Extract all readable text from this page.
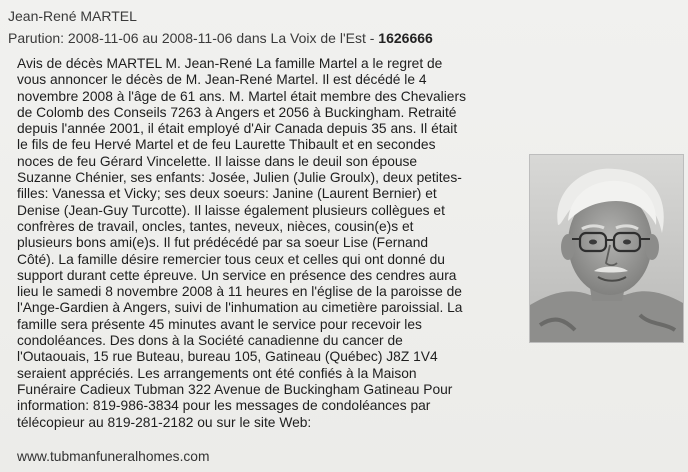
Jean-René MARTEL
Parution: 2008-11-06 au 2008-11-06 dans La Voix de l'Est - 1626666
Avis de décès MARTEL M. Jean-René La famille Martel a le regret de
vous annoncer le décès de M. Jean-René Martel. Il est décédé le 4
novembre 2008 à l'âge de 61 ans. M. Martel était membre des Chevaliers
de Colomb des Conseils 7263 à Angers et 2056 à Buckingham. Retraité
depuis l'année 2001, il était employé d'Air Canada depuis 35 ans. Il était
le fils de feu Hervé Martel et de feu Laurette Thibault et en secondes
noces de feu Gérard Vincelette. Il laisse dans le deuil son épouse
Suzanne Chénier, ses enfants: Josée, Julien (Julie Groulx), deux petites-
filles: Vanessa et Vicky; ses deux soeurs: Janine (Laurent Bernier) et
Denise (Jean-Guy Turcotte). Il laisse également plusieurs collègues et
confrères de travail, oncles, tantes, neveux, nièces, cousin(e)s et
plusieurs bons ami(e)s. Il fut prédécédé par sa soeur Lise (Fernand
Côté). La famille désire remercier tous ceux et celles qui ont donné du
support durant cette épreuve. Un service en présence des cendres aura
lieu le samedi 8 novembre 2008 à 11 heures en l'église de la paroisse de
l'Ange-Gardien à Angers, suivi de l'inhumation au cimetière paroissial. La
famille sera présente 45 minutes avant le service pour recevoir les
condoléances. Des dons à la Société canadienne du cancer de
l'Outaouais, 15 rue Buteau, bureau 105, Gatineau (Québec) J8Z 1V4
seraient appréciés. Les arrangements ont été confiés à la Maison
Funéraire Cadieux Tubman 322 Avenue de Buckingham Gatineau Pour
information: 819-986-3834 pour les messages de condoléances par
télécopieur au 819-281-2182 ou sur le site Web:
www.tubmanfuneralhomes.com
